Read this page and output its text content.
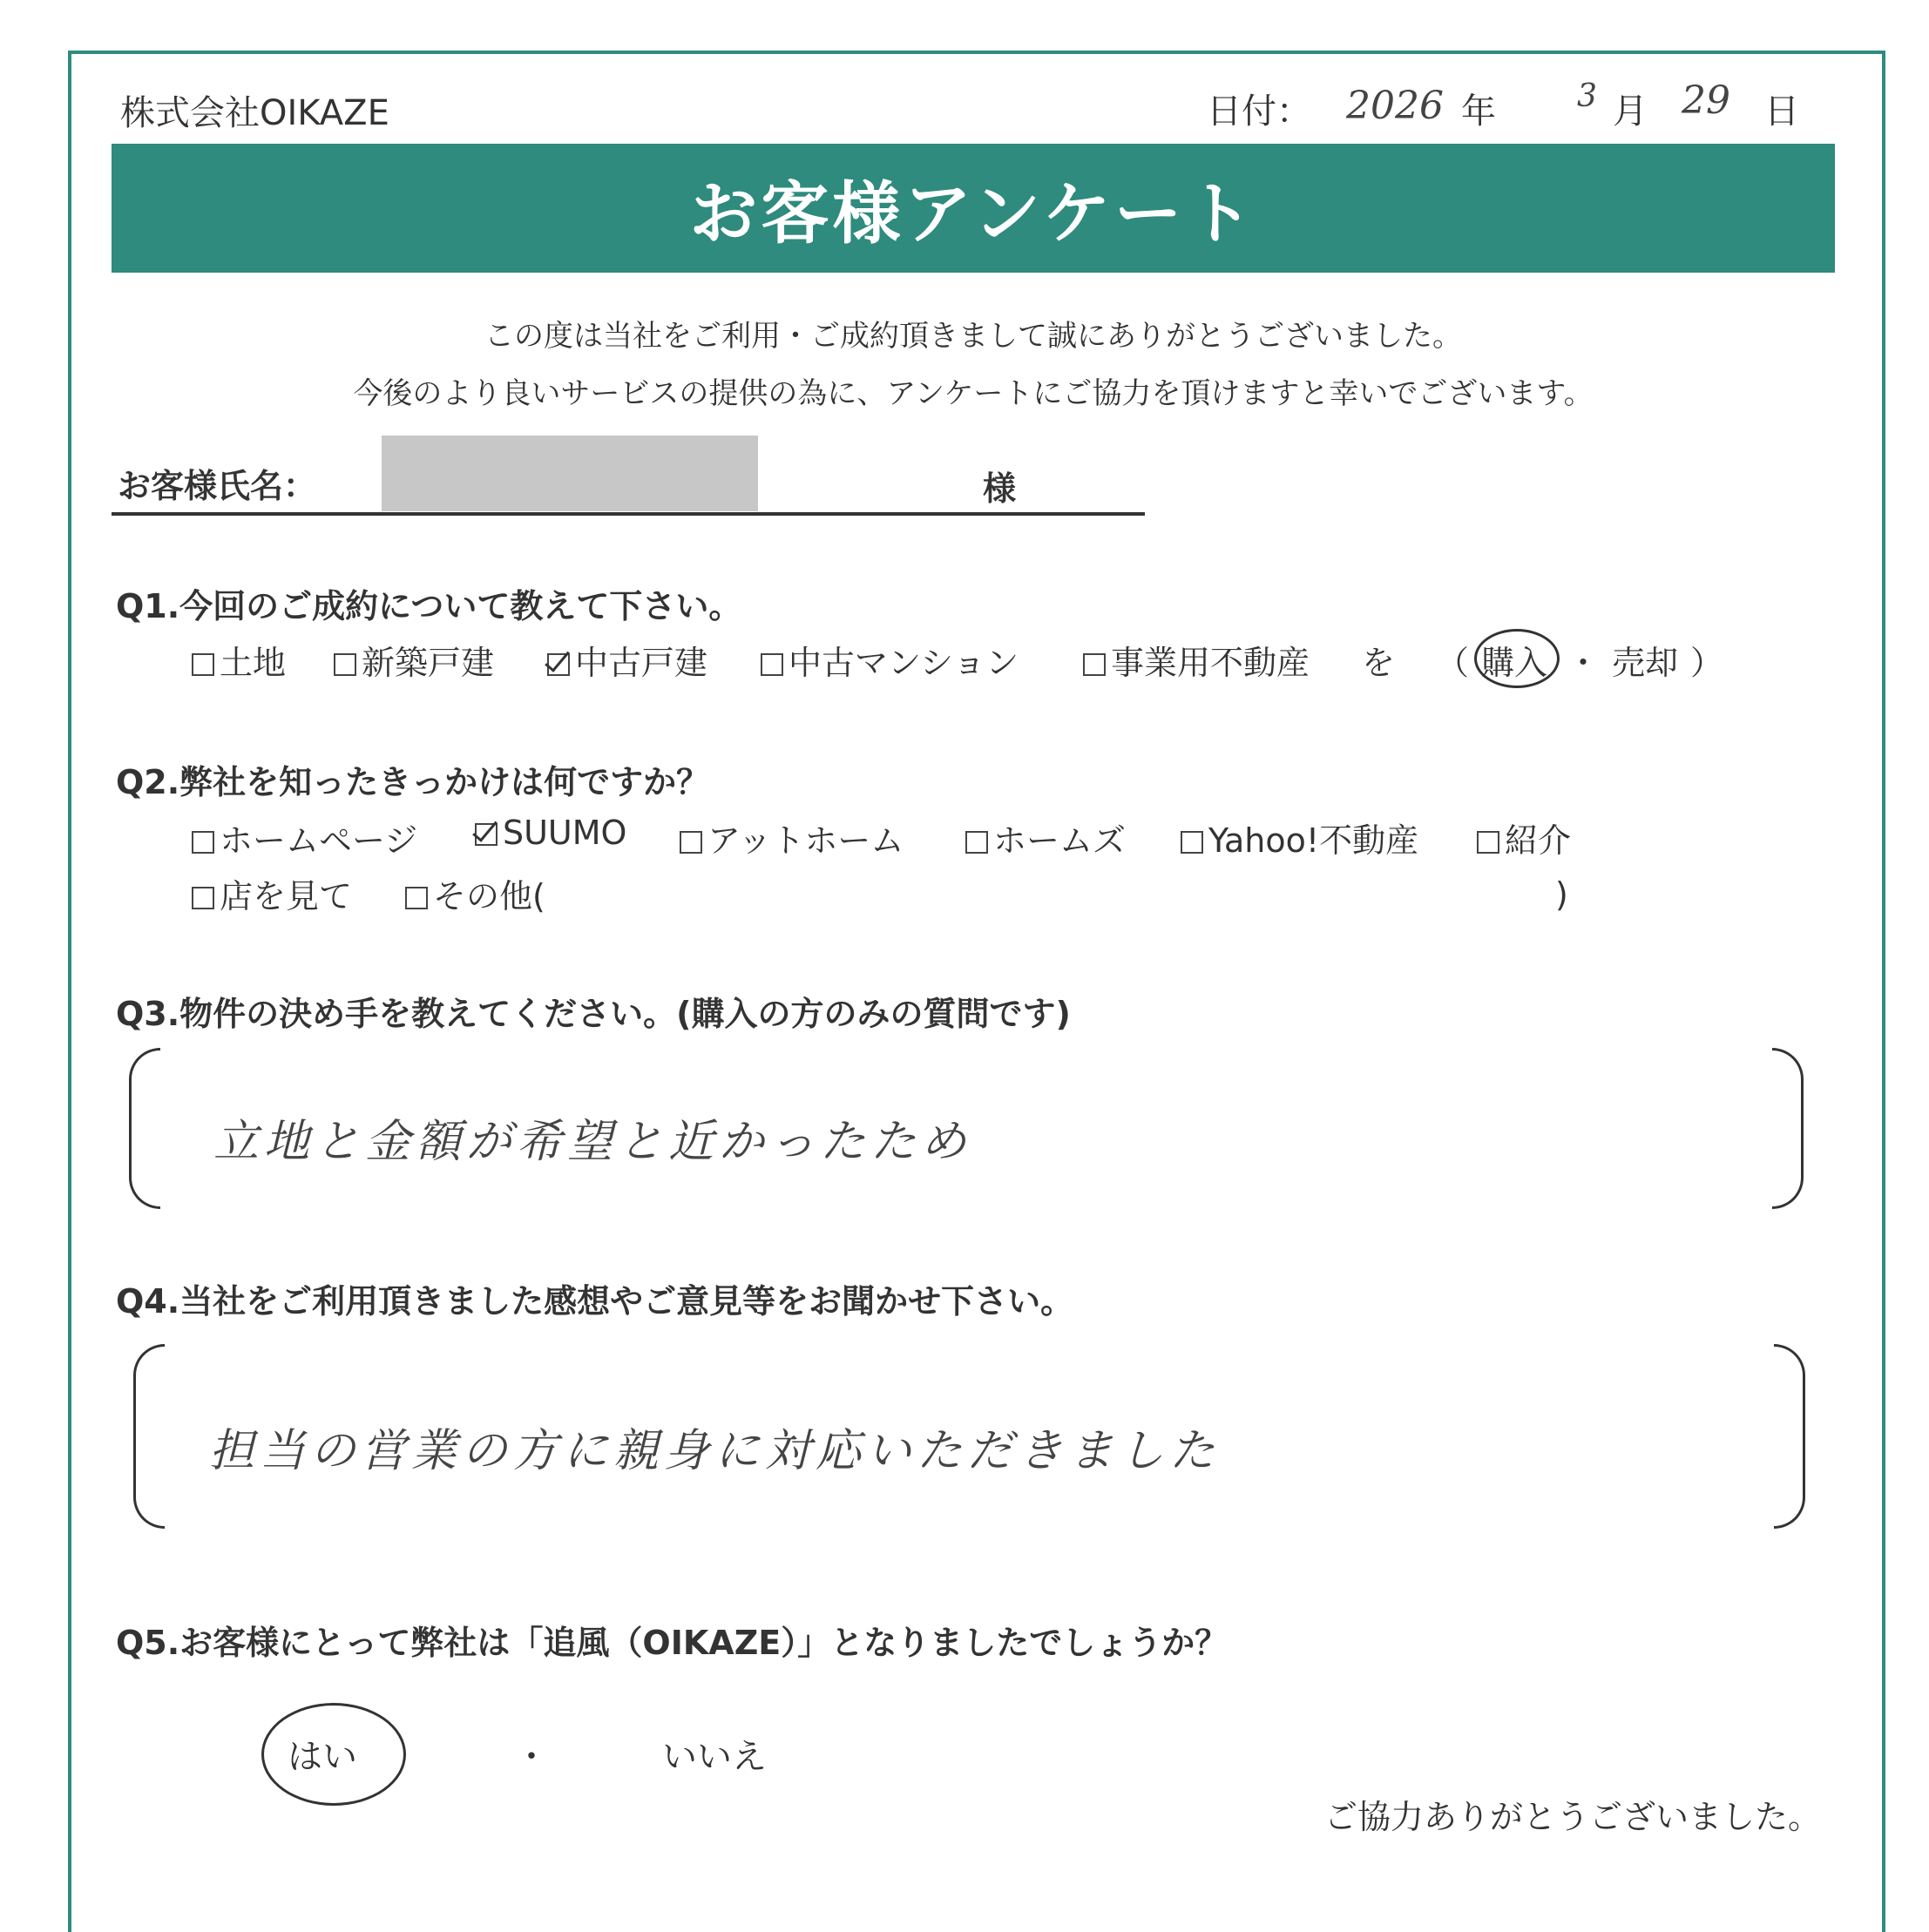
株式会社OIKAZE	日付： 2026 年	3 月 29 日
お客様アンケート
この度は当社をご利用・ご成約頂きまして誠にありがとうございました。
今後のより良いサービスの提供の為に、アンケートにご協力を頂けますと幸いでございます。
お客様氏名：	様
Q1.今回のご成約について教えて下さい。
土地	新築戸建	中古戸建	中古マンション	事業用不動産 を （ 購入 ・ 売却 ）
Q2.弊社を知ったきっかけは何ですか？
ホームページ	SUUMO	アットホーム	ホームズ	Yahoo!不動産	紹介
店を見て	その他(	)
Q3.物件の決め手を教えてください。(購入の方のみの質問です)
立地と金額が希望と近かったため
Q4.当社をご利用頂きました感想やご意見等をお聞かせ下さい。
担当の営業の方に親身に対応いただきました
Q5.お客様にとって弊社は「追風（OIKAZE）」となりましたでしょうか？
はい	・	いいえ
ご協力ありがとうございました。
